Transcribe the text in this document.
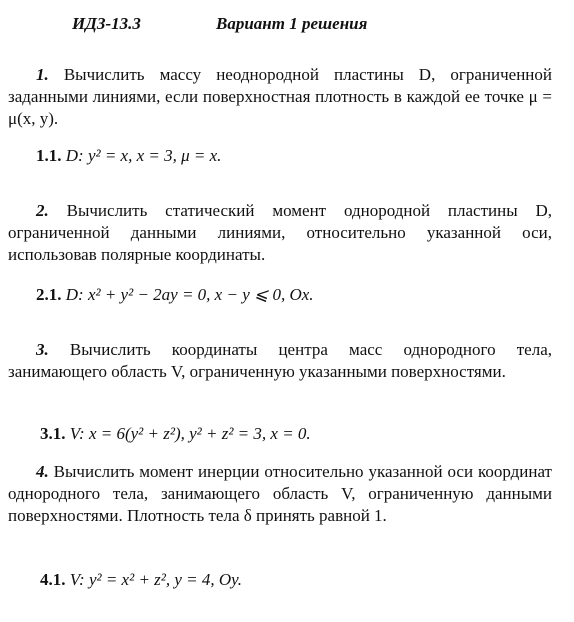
ИДЗ-13.3	Вариант 1 решения
1. Вычислить массу неоднородной пластины D, ограниченной заданными линиями, если поверхностная плотность в каждой ее точке μ = μ(x, y).
1.1. D: y² = x, x = 3, μ = x.
2. Вычислить статический момент однородной пластины D, ограниченной данными линиями, относительно указанной оси, использовав полярные координаты.
2.1. D: x² + y² − 2ay = 0, x − y ⩽ 0, Ox.
3. Вычислить координаты центра масс однородного тела, занимающего область V, ограниченную указанными поверхностями.
3.1. V: x = 6(y² + z²), y² + z² = 3, x = 0.
4. Вычислить момент инерции относительно указанной оси координат однородного тела, занимающего область V, ограниченную данными поверхностями. Плотность тела δ принять равной 1.
4.1. V: y² = x² + z², y = 4, Oy.
